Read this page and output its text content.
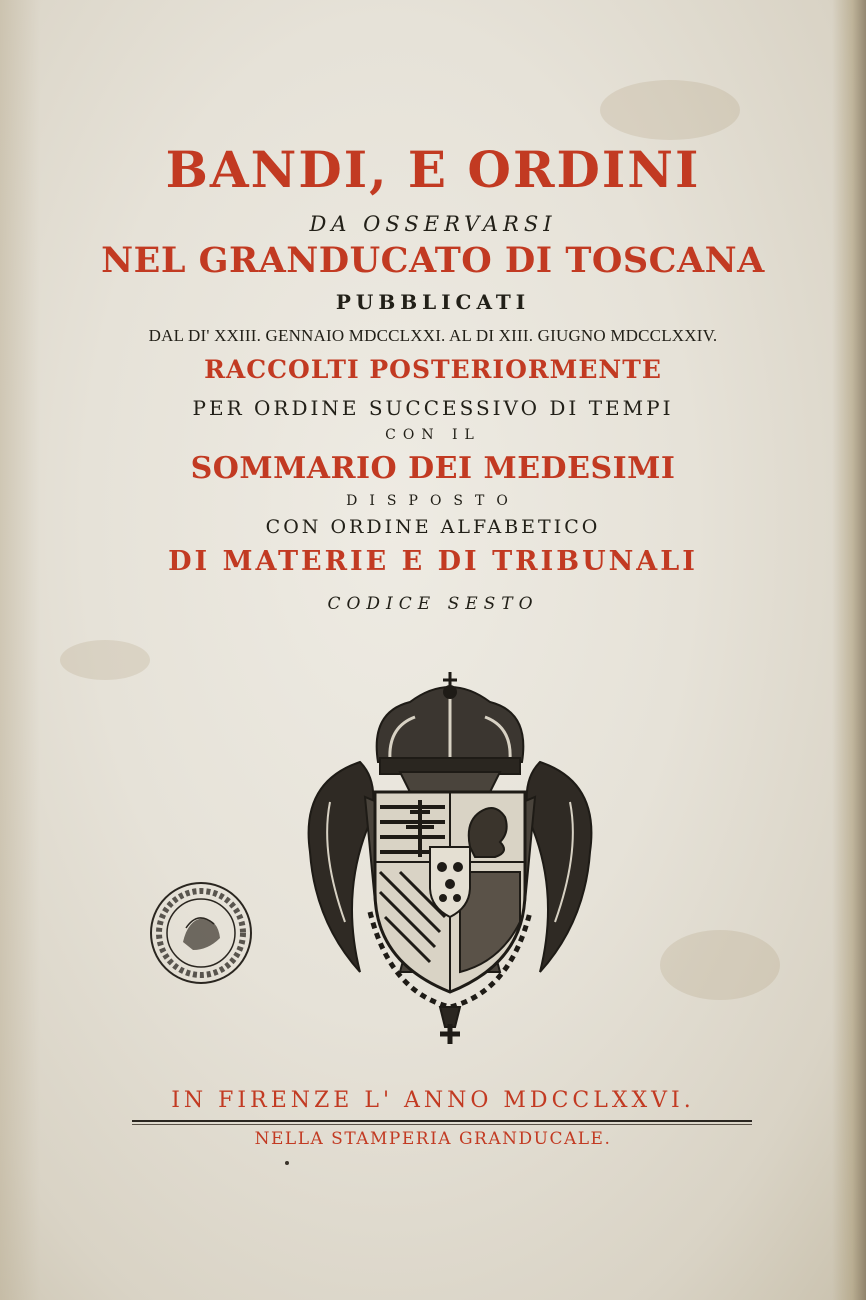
BANDI, E ORDINI
DA OSSERVARSI
NEL GRANDUCATO DI TOSCANA
PUBBLICATI
DAL DI' XXIII. GENNAIO MDCCLXXI. AL DI XIII. GIUGNO MDCCLXXIV.
RACCOLTI POSTERIORMENTE
PER ORDINE SUCCESSIVO DI TEMPI
CON IL
SOMMARIO DEI MEDESIMI
DISPOSTO
CON ORDINE ALFABETICO
DI MATERIE E DI TRIBUNALI
CODICE SESTO
IN FIRENZE L' ANNO MDCCLXXVI.
NELLA STAMPERIA GRANDUCALE.
